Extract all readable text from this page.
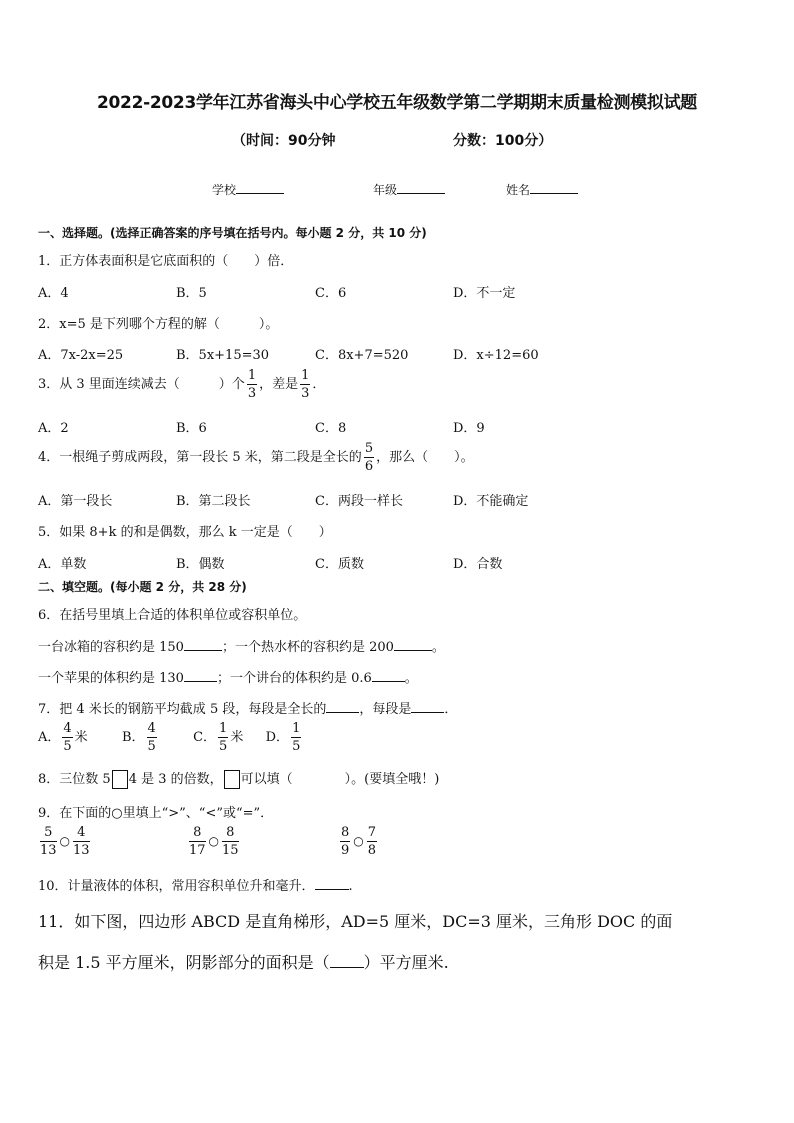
2022-2023学年江苏省海头中心学校五年级数学第二学期期末质量检测模拟试题
（时间：90分钟	分数：100分）
学校	年级	姓名
一、选择题。(选择正确答案的序号填在括号内。每小题 2 分，共 10 分)
1．正方体表面积是它底面积的（　　）倍．
A．4	B．5	C．6	D．不一定
2．x=5 是下列哪个方程的解（　　　）。
A．7x-2x=25	B．5x+15=30	C．8x+7=520	D．x÷12=60
3．从 3 里面连续减去（　　　）个 $\frac{1}{3}$ ，差是 $\frac{1}{3}$ ．
A．2	B．6	C．8	D．9
4．一根绳子剪成两段，第一段长 5 米，第二段是全长的 $\frac{5}{6}$ ，那么（　　）。
A．第一段长	B．第二段长	C．两段一样长	D．不能确定
5．如果 8+k 的和是偶数，那么 k 一定是（　　）
A．单数	B．偶数	C．质数	D．合数
二、填空题。(每小题 2 分，共 28 分)
6．在括号里填上合适的体积单位或容积单位。
一台冰箱的容积约是 150	；一个热水杯的容积约是 200	。
一个苹果的体积约是 130	；一个讲台的体积约是 0.6	。
7．把 4 米长的钢筋平均截成 5 段，每段是全长的	，每段是	．
A． $\frac{4}{5}$ 米	B． $\frac{4}{5}$	C． $\frac{1}{5}$ 米 D． $\frac{1}{5}$
8．三位数 5 4 是 3 的倍数， 可以填（　　　　）。(要填全哦！)
9．在下面的○里填上“>”、“<”或“=”．
$\frac{5}{13}$ ○ $\frac{4}{13}$	$\frac{8}{17}$ ○ $\frac{8}{15}$	$\frac{8}{9}$ ○ $\frac{7}{8}$
10．计量液体的体积，常用容积单位升和毫升．	.
11．如下图，四边形 ABCD 是直角梯形，AD=5 厘米，DC=3 厘米，三角形 DOC 的面
积是 1.5 平方厘米，阴影部分的面积是（ ）平方厘米.
